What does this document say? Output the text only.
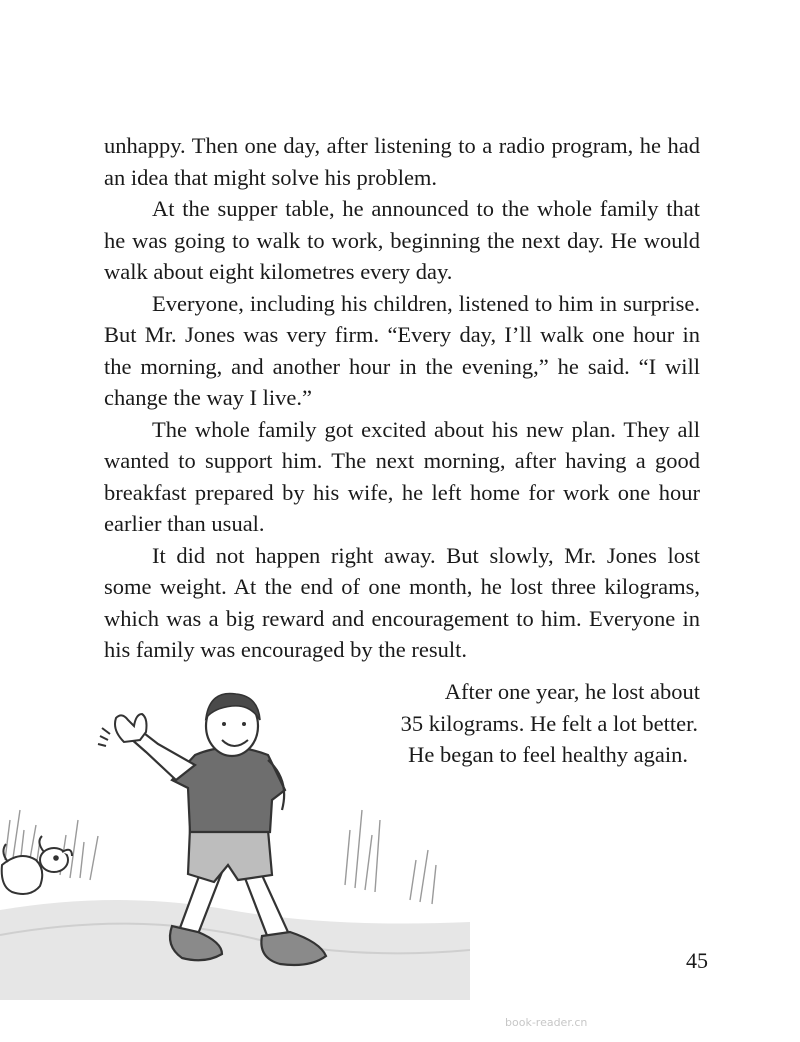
unhappy. Then one day, after listening to a radio program, he had an idea that might solve his problem.

At the supper table, he announced to the whole family that he was going to walk to work, beginning the next day. He would walk about eight kilometres every day.

Everyone, including his children, listened to him in surprise. But Mr. Jones was very firm. “Every day, I’ll walk one hour in the morning, and another hour in the evening,” he said. “I will change the way I live.”

The whole family got excited about his new plan. They all wanted to support him. The next morning, after having a good breakfast prepared by his wife, he left home for work one hour earlier than usual.

It did not happen right away. But slowly, Mr. Jones lost some weight. At the end of one month, he lost three kilograms, which was a big reward and encouragement to him. Everyone in his family was encouraged by the result.

After one year, he lost about
35 kilograms. He felt a lot better.
He began to feel healthy again.
45
book-reader.cn
